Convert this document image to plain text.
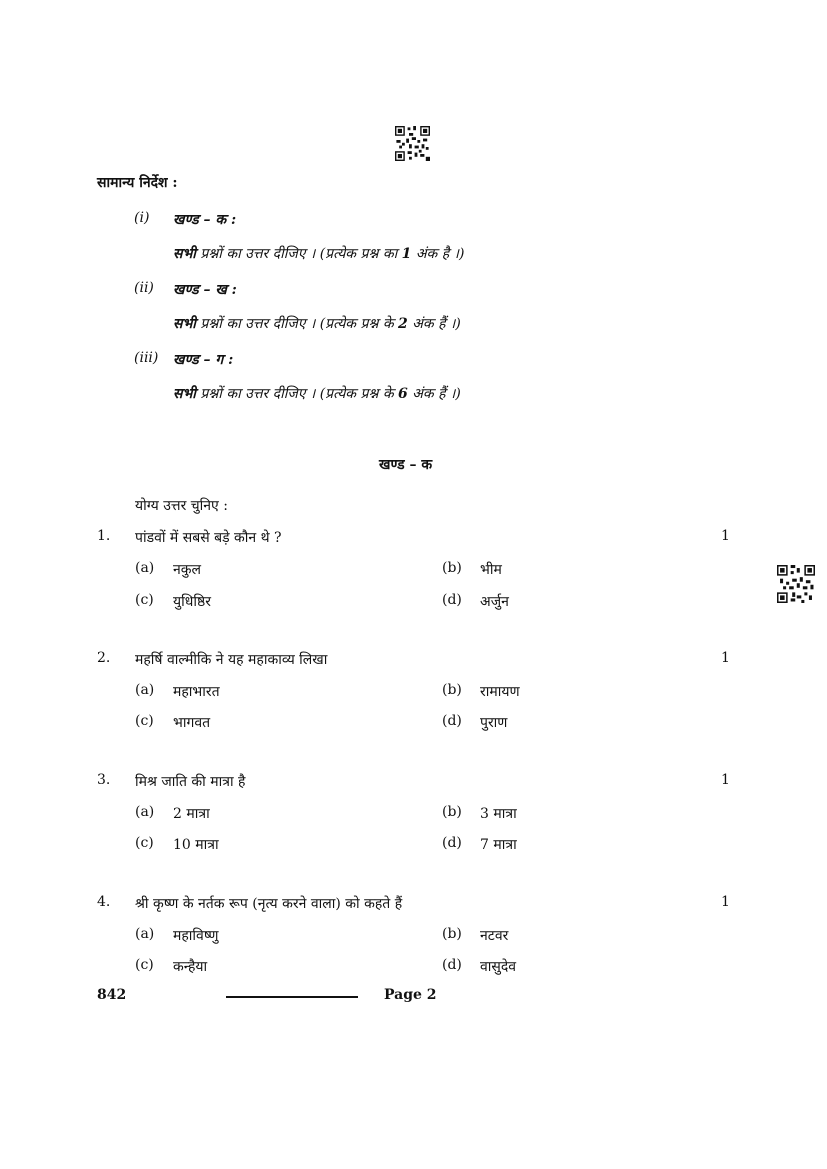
सामान्य निर्देश :
(i) खण्ड – क :
सभी प्रश्नों का उत्तर दीजिए । (प्रत्येक प्रश्न का 1 अंक है ।)
(ii) खण्ड – ख :
सभी प्रश्नों का उत्तर दीजिए । (प्रत्येक प्रश्न के 2 अंक हैं ।)
(iii) खण्ड – ग :
सभी प्रश्नों का उत्तर दीजिए । (प्रत्येक प्रश्न के 6 अंक हैं ।)
खण्ड – क
योग्य उत्तर चुनिए :
1. पांडवों में सबसे बड़े कौन थे ?	1
(a) नकुल	(b) भीम
(c) युधिष्ठिर	(d) अर्जुन
2. महर्षि वाल्मीकि ने यह महाकाव्य लिखा	1
(a) महाभारत	(b) रामायण
(c) भागवत	(d) पुराण
3. मिश्र जाति की मात्रा है	1
(a) 2 मात्रा	(b) 3 मात्रा
(c) 10 मात्रा	(d) 7 मात्रा
4. श्री कृष्ण के नर्तक रूप (नृत्य करने वाला) को कहते हैं	1
(a) महाविष्णु	(b) नटवर
(c) कन्हैया	(d) वासुदेव
842	Page 2
